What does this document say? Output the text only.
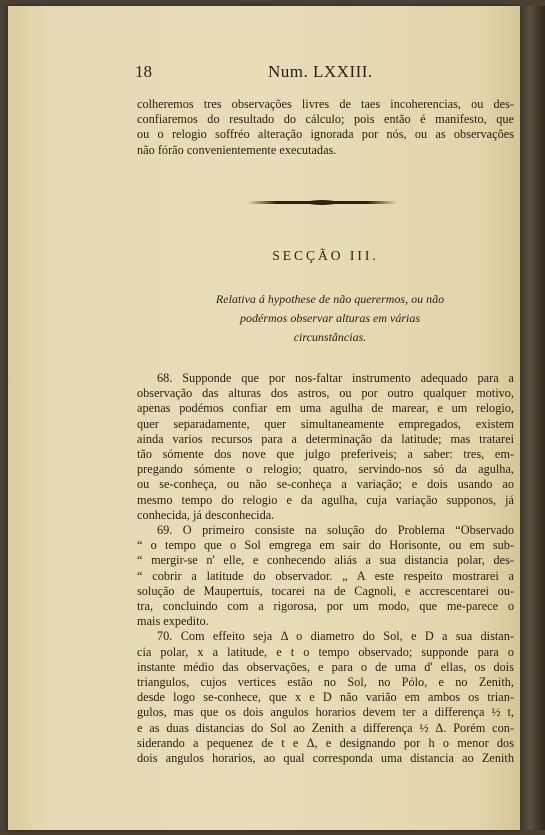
18	Num. LXXIII.

colheremos tres observações livres de taes incoherencias, ou des-

confiaremos do resultado do cálculo; pois então é manifesto, que

ou o relogio soffréo alteração ignorada por nós, ou as observações

não fórão convenientemente executadas.

SECÇÃO III.
Relativa á hypothese de não querermos, ou não
podérmos observar alturas em várias
circunstâncias.

68. Supponde que por nos-faltar instrumento adequado para a

observação das alturas dos astros, ou por outro qualquer motivo,

apenas podémos confiar em uma agulha de marear, e um relogio,

quer separadamente, quer simultaneamente empregados, existem

ainda varios recursos para a determinação da latitude; mas tratarei

tão sómente dos nove que julgo preferiveis; a saber: tres, em-

pregando sómente o relogio; quatro, servindo-nos só da agulha,

ou se-conheça, ou não se-conheça a variação; e dois usando ao

mesmo tempo do relogio e da agulha, cuja variação supponos, já

conhecida, já desconhecida.

69. O primeiro consiste na solução do Problema “Observado

“ o tempo que o Sol emgrega em sair do Horisonte, ou em sub-

“ mergir-se n' elle, e conhecendo aliás a sua distancia polar, des-

“ cobrir a latitude do observador. „ A este respeito mostrarei a

solução de Maupertuis, tocarei na de Cagnoli, e accrescentarei ou-

tra, concluindo com a rigorosa, por um modo, que me-parece o

mais expedito.

70. Com effeito seja Δ o diametro do Sol, e D a sua distan-

cia polar, x a latitude, e t o tempo observado; supponde para o

instante médio das observações, e para o de uma d' ellas, os dois

triangulos, cujos vertices estão no Sol, no Pólo, e no Zenith,

desde logo se-conhece, que x e D não varião em ambos os trian-

gulos, mas que os dois angulos horarios devem ter a differença ½ t,

e as duas distancias do Sol ao Zenith a differença ½ Δ. Porém con-

siderando a pequenez de t e Δ, e designando por h o menor dos

dois angulos horarios, ao qual corresponda uma distancia ao Zenith
